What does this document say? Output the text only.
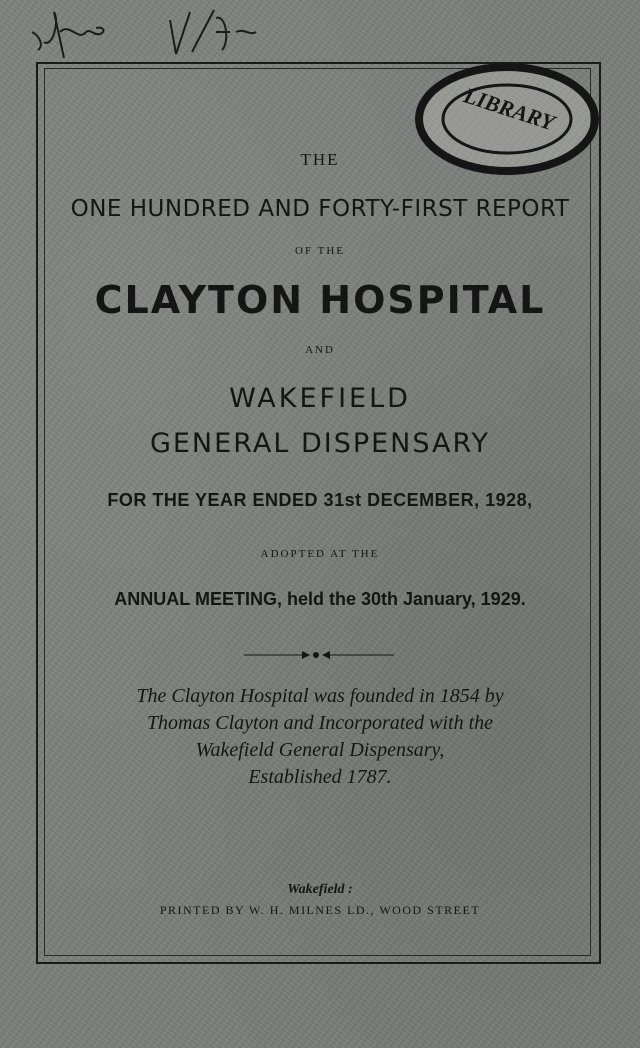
LIBRARY
THE
ONE HUNDRED AND FORTY-FIRST REPORT
OF THE
CLAYTON HOSPITAL
AND
WAKEFIELD
GENERAL DISPENSARY
FOR THE YEAR ENDED 31st DECEMBER, 1928,
ADOPTED AT THE
ANNUAL MEETING, held the 30th January, 1929.
The Clayton Hospital was founded in 1854 by
Thomas Clayton and Incorporated with the
Wakefield General Dispensary,
Established 1787.
Wakefield :
PRINTED BY W. H. MILNES LD., WOOD STREET
